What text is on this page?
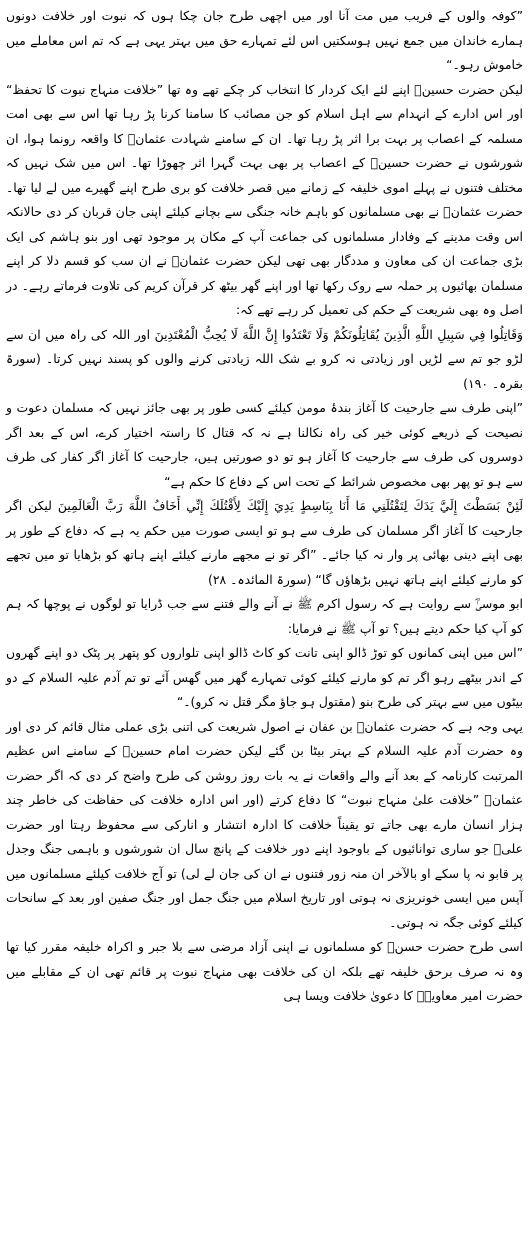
”کوفہ والوں کے فریب میں مت آنا اور میں اچھی طرح جان چکا ہوں کہ نبوت اور خلافت دونوں ہمارے خاندان میں جمع نہیں ہوسکتیں اس لئے تمہارے حق میں بہتر یہی ہے کہ تم اس معاملے میں خاموش رہو۔“

لیکن حضرت حسینؓ اپنے لئے ایک کردار کا انتخاب کر چکے تھے وہ تھا ”خلافت منہاج نبوت کا تحفظ“ اور اس ادارے کے انہدام سے اہل اسلام کو جن مصائب کا سامنا کرنا پڑ رہا تھا اس سے بھی امت مسلمہ کے اعصاب پر بہت برا اثر پڑ رہا تھا۔ ان کے سامنے شہادت عثمانؓ کا واقعہ رونما ہوا، ان شورشوں نے حضرت حسینؓ کے اعصاب پر بھی بہت گہرا اثر چھوڑا تھا۔ اس میں شک نہیں کہ مختلف فتنوں نے پہلے اموی خلیفہ کے زمانے میں قصر خلافت کو بری طرح اپنے گھیرے میں لے لیا تھا۔ حضرت عثمانؓ نے بھی مسلمانوں کو باہم خانہ جنگی سے بچانے کیلئے اپنی جان قربان کر دی حالانکہ اس وقت مدینے کے وفادار مسلمانوں کی جماعت آپ کے مکان پر موجود تھی اور بنو ہاشم کی ایک بڑی جماعت ان کی معاون و مددگار بھی تھی لیکن حضرت عثمانؓ نے ان سب کو قسم دلا کر اپنے مسلمان بھائیوں پر حملہ سے روک رکھا تھا اور اپنے گھر بیٹھ کر قرآن کریم کی تلاوت فرماتے رہے۔ در اصل وہ بھی شریعت کے حکم کی تعمیل کر رہے تھے کہ:

وَقَاتِلُوا فِي سَبِيلِ اللَّهِ الَّذِينَ يُقَاتِلُونَكُمْ وَلَا تَعْتَدُوا إِنَّ اللَّهَ لَا يُحِبُّ الْمُعْتَدِينَ اور اللہ کی راہ میں ان سے لڑو جو تم سے لڑیں اور زیادتی نہ کرو بے شک اللہ زیادتی کرنے والوں کو پسند نہیں کرتا۔ (سورۃ بقرہ۔ ۱۹۰)

”اپنی طرف سے جارحیت کا آغاز بندۂ مومن کیلئے کسی طور پر بھی جائز نہیں کہ مسلمان دعوت و نصیحت کے ذریعے کوئی خیر کی راہ نکالنا ہے نہ کہ قتال کا راستہ اختیار کرے، اس کے بعد اگر دوسروں کی طرف سے جارحیت کا آغاز ہو تو دو صورتیں ہیں، جارحیت کا آغاز اگر کفار کی طرف سے ہو تو پھر بھی مخصوص شرائط کے تحت اس کے دفاع کا حکم ہے“

لَئِنْ بَسَطْتَ إِلَيَّ يَدَكَ لِتَقْتُلَنِي مَا أَنَا بِبَاسِطٍ يَدِيَ إِلَيْكَ لِأَقْتُلَكَ إِنِّي أَخَافُ اللَّهَ رَبَّ الْعَالَمِينَ لیکن اگر جارحیت کا آغاز اگر مسلمان کی طرف سے ہو تو ایسی صورت میں حکم یہ ہے کہ دفاع کے طور پر بھی اپنے دینی بھائی پر وار نہ کیا جائے۔ ”اگر تو نے مجھے مارنے کیلئے اپنے ہاتھ کو بڑھایا تو میں تجھے کو مارنے کیلئے اپنے ہاتھ نہیں بڑھاؤں گا“ (سورۃ المائدہ۔ ۲۸)

ابو موسیٰؓ سے روایت ہے کہ رسول اکرم ﷺ نے آنے والے فتنے سے جب ڈرایا تو لوگوں نے پوچھا کہ ہم کو آپ کیا حکم دیتے ہیں؟ تو آپ ﷺ نے فرمایا:

”اس میں اپنی کمانوں کو توڑ ڈالو اپنی تانت کو کاٹ ڈالو اپنی تلواروں کو پتھر پر پٹک دو اپنے گھروں کے اندر بیٹھے رہو اگر تم کو مارنے کیلئے کوئی تمہارے گھر میں گھس آئے تو تم آدم علیہ السلام کے دو بیٹوں میں سے بہتر کی طرح بنو (مقتول ہو جاؤ مگر قتل نہ کرو)۔“

یہی وجہ ہے کہ حضرت عثمانؓ بن عفان نے اصول شریعت کی اتنی بڑی عملی مثال قائم کر دی اور وہ حضرت آدم علیہ السلام کے بہتر بیٹا بن گئے لیکن حضرت امام حسینؓ کے سامنے اس عظیم المرتبت کارنامہ کے بعد آنے والے واقعات نے یہ بات روز روشن کی طرح واضح کر دی کہ اگر حضرت عثمانؓ ”خلافت علیٰ منہاج نبوت“ کا دفاع کرتے (اور اس ادارہ خلافت کی حفاظت کی خاطر چند ہزار انسان مارے بھی جاتے تو یقیناً خلافت کا ادارہ انتشار و انارکی سے محفوظ رہتا اور حضرت علیؓ جو ساری توانائیوں کے باوجود اپنے دور خلافت کے پانچ سال ان شورشوں و باہمی جنگ وجدل پر قابو نہ پا سکے او بالآخر ان منہ زور فتنوں نے ان کی جان لے لی) تو آج خلافت کیلئے مسلمانوں میں آپس میں ایسی خونریزی نہ ہوتی اور تاریخ اسلام میں جنگ جمل اور جنگ صفین اور بعد کے سانحات کیلئے کوئی جگہ نہ ہوتی۔

اسی طرح حضرت حسنؓ کو مسلمانوں نے اپنی آزاد مرضی سے بلا جبر و اکراہ خلیفہ مقرر کیا تھا وہ نہ صرف برحق خلیفہ تھے بلکہ ان کی خلافت بھی منہاج نبوت پر قائم تھی ان کے مقابلے میں حضرت امیر معاویہؓ کا دعویٰ خلافت ویسا ہی
